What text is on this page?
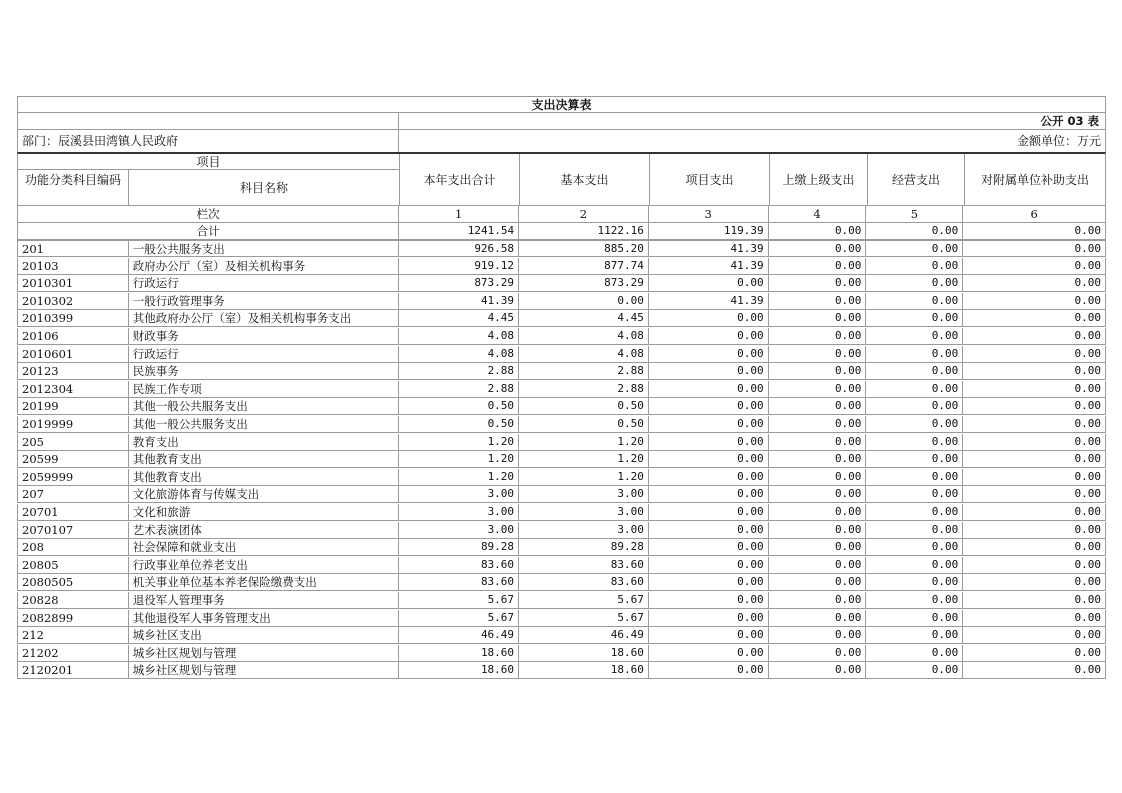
支出决算表
公开 03 表
部门：辰溪县田湾镇人民政府	金额单位：万元
项目
功能分类科目编码
科目名称
本年支出合计	基本支出	项目支出	上缴上级支出	经营支出	对附属单位补助支出
栏次	1	2	3	4	5	6
合计	1241.54	1122.16	119.39	0.00	0.00	0.00
201	一般公共服务支出	926.58	885.20	41.39	0.00	0.00	0.00
20103	政府办公厅（室）及相关机构事务	919.12	877.74	41.39	0.00	0.00	0.00
2010301	行政运行	873.29	873.29	0.00	0.00	0.00	0.00
2010302	一般行政管理事务	41.39	0.00	41.39	0.00	0.00	0.00
2010399	其他政府办公厅（室）及相关机构事务支出	4.45	4.45	0.00	0.00	0.00	0.00
20106	财政事务	4.08	4.08	0.00	0.00	0.00	0.00
2010601	行政运行	4.08	4.08	0.00	0.00	0.00	0.00
20123	民族事务	2.88	2.88	0.00	0.00	0.00	0.00
2012304	民族工作专项	2.88	2.88	0.00	0.00	0.00	0.00
20199	其他一般公共服务支出	0.50	0.50	0.00	0.00	0.00	0.00
2019999	其他一般公共服务支出	0.50	0.50	0.00	0.00	0.00	0.00
205	教育支出	1.20	1.20	0.00	0.00	0.00	0.00
20599	其他教育支出	1.20	1.20	0.00	0.00	0.00	0.00
2059999	其他教育支出	1.20	1.20	0.00	0.00	0.00	0.00
207	文化旅游体育与传媒支出	3.00	3.00	0.00	0.00	0.00	0.00
20701	文化和旅游	3.00	3.00	0.00	0.00	0.00	0.00
2070107	艺术表演团体	3.00	3.00	0.00	0.00	0.00	0.00
208	社会保障和就业支出	89.28	89.28	0.00	0.00	0.00	0.00
20805	行政事业单位养老支出	83.60	83.60	0.00	0.00	0.00	0.00
2080505	机关事业单位基本养老保险缴费支出	83.60	83.60	0.00	0.00	0.00	0.00
20828	退役军人管理事务	5.67	5.67	0.00	0.00	0.00	0.00
2082899	其他退役军人事务管理支出	5.67	5.67	0.00	0.00	0.00	0.00
212	城乡社区支出	46.49	46.49	0.00	0.00	0.00	0.00
21202	城乡社区规划与管理	18.60	18.60	0.00	0.00	0.00	0.00
2120201	城乡社区规划与管理	18.60	18.60	0.00	0.00	0.00	0.00
